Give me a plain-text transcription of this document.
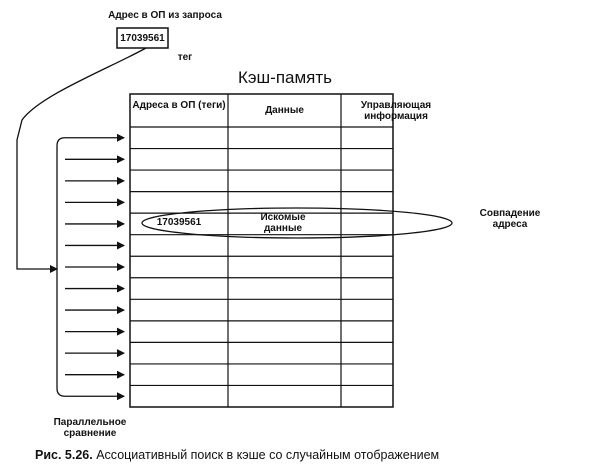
Адрес в ОП из запроса
17039561
тег
Кэш-память
Адреса в ОП (теги)	Данные	Управляющая информация
17039561	Искомые данные
Совпадение адреса
Параллельное сравнение
Рис. 5.26. Ассоциативный поиск в кэше со случайным отображением
